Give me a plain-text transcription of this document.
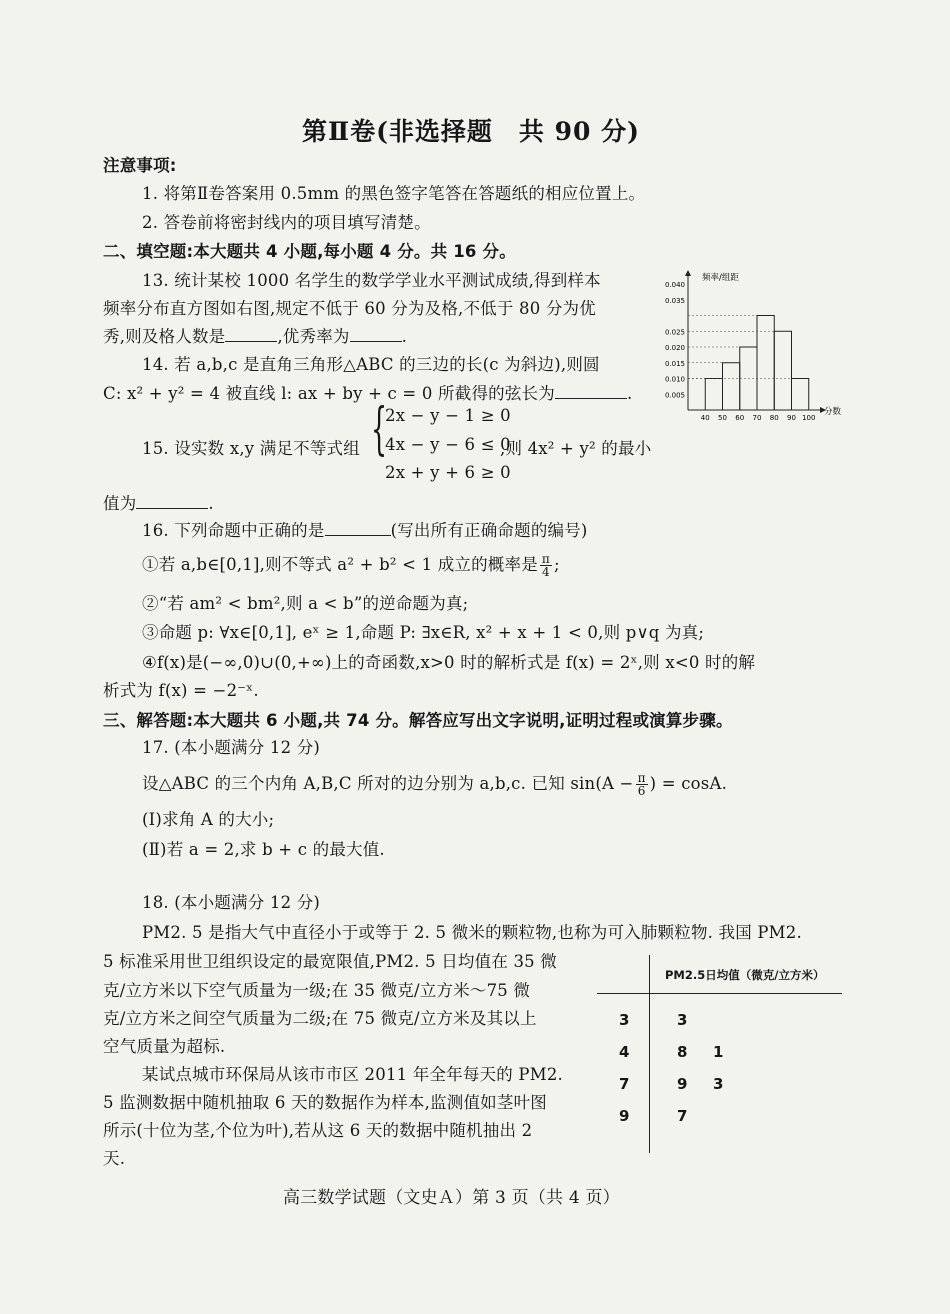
第Ⅱ卷(非选择题　共 90 分)
注意事项:
1. 将第Ⅱ卷答案用 0.5mm 的黑色签字笔答在答题纸的相应位置上。
2. 答卷前将密封线内的项目填写清楚。
二、填空题:本大题共 4 小题,每小题 4 分。共 16 分。
13. 统计某校 1000 名学生的数学学业水平测试成绩,得到样本
频率分布直方图如右图,规定不低于 60 分为及格,不低于 80 分为优
秀,则及格人数是	,优秀率为	.
14. 若 a,b,c 是直角三角形△ABC 的三边的长(c 为斜边),则圆
C: x² + y² = 4 被直线 l: ax + by + c = 0 所截得的弦长为	.
15. 设实数 x,y 满足不等式组 {
2x − y − 1 ≥ 0
4x − y − 6 ≤ 0
2x + y + 6 ≥ 0
,则 4x² + y² 的最小
值为	.
16. 下列命题中正确的是	(写出所有正确命题的编号)
①若 a,b∈[0,1],则不等式 a² + b² < 1 成立的概率是 $\frac{\pi}{4}$ ;
②“若 am² < bm²,则 a < b”的逆命题为真;
③命题 p: ∀x∈[0,1], eˣ ≥ 1,命题 P: ∃x∈R, x² + x + 1 < 0,则 p∨q 为真;
④f(x)是(−∞,0)∪(0,+∞)上的奇函数,x>0 时的解析式是 f(x) = 2ˣ,则 x<0 时的解
析式为 f(x) = −2⁻ˣ.
三、解答题:本大题共 6 小题,共 74 分。解答应写出文字说明,证明过程或演算步骤。
17. (本小题满分 12 分)
设△ABC 的三个内角 A,B,C 所对的边分别为 a,b,c. 已知 $\sin(A - \frac{\pi}{6}$ ) = cosA.
(Ⅰ)求角 A 的大小;
(Ⅱ)若 a = 2,求 b + c 的最大值.
18. (本小题满分 12 分)
PM2. 5 是指大气中直径小于或等于 2. 5 微米的颗粒物,也称为可入肺颗粒物. 我国 PM2.
5 标准采用世卫组织设定的最宽限值,PM2. 5 日均值在 35 微
克/立方米以下空气质量为一级;在 35 微克/立方米～75 微
克/立方米之间空气质量为二级;在 75 微克/立方米及其以上
空气质量为超标.
某试点城市环保局从该市市区 2011 年全年每天的 PM2.
5 监测数据中随机抽取 6 天的数据作为样本,监测值如茎叶图
所示(十位为茎,个位为叶),若从这 6 天的数据中随机抽出 2
天.
PM2.5日均值（微克/立方米）
3	3
4	8 1
7	9 3
9	7
0.040
0.035
0.025
0.020
0.015
0.010
0.005
40 50 60 70 80 90 100
频率/组距
分数
高三数学试题（文史Ａ）第 3 页（共 4 页）
